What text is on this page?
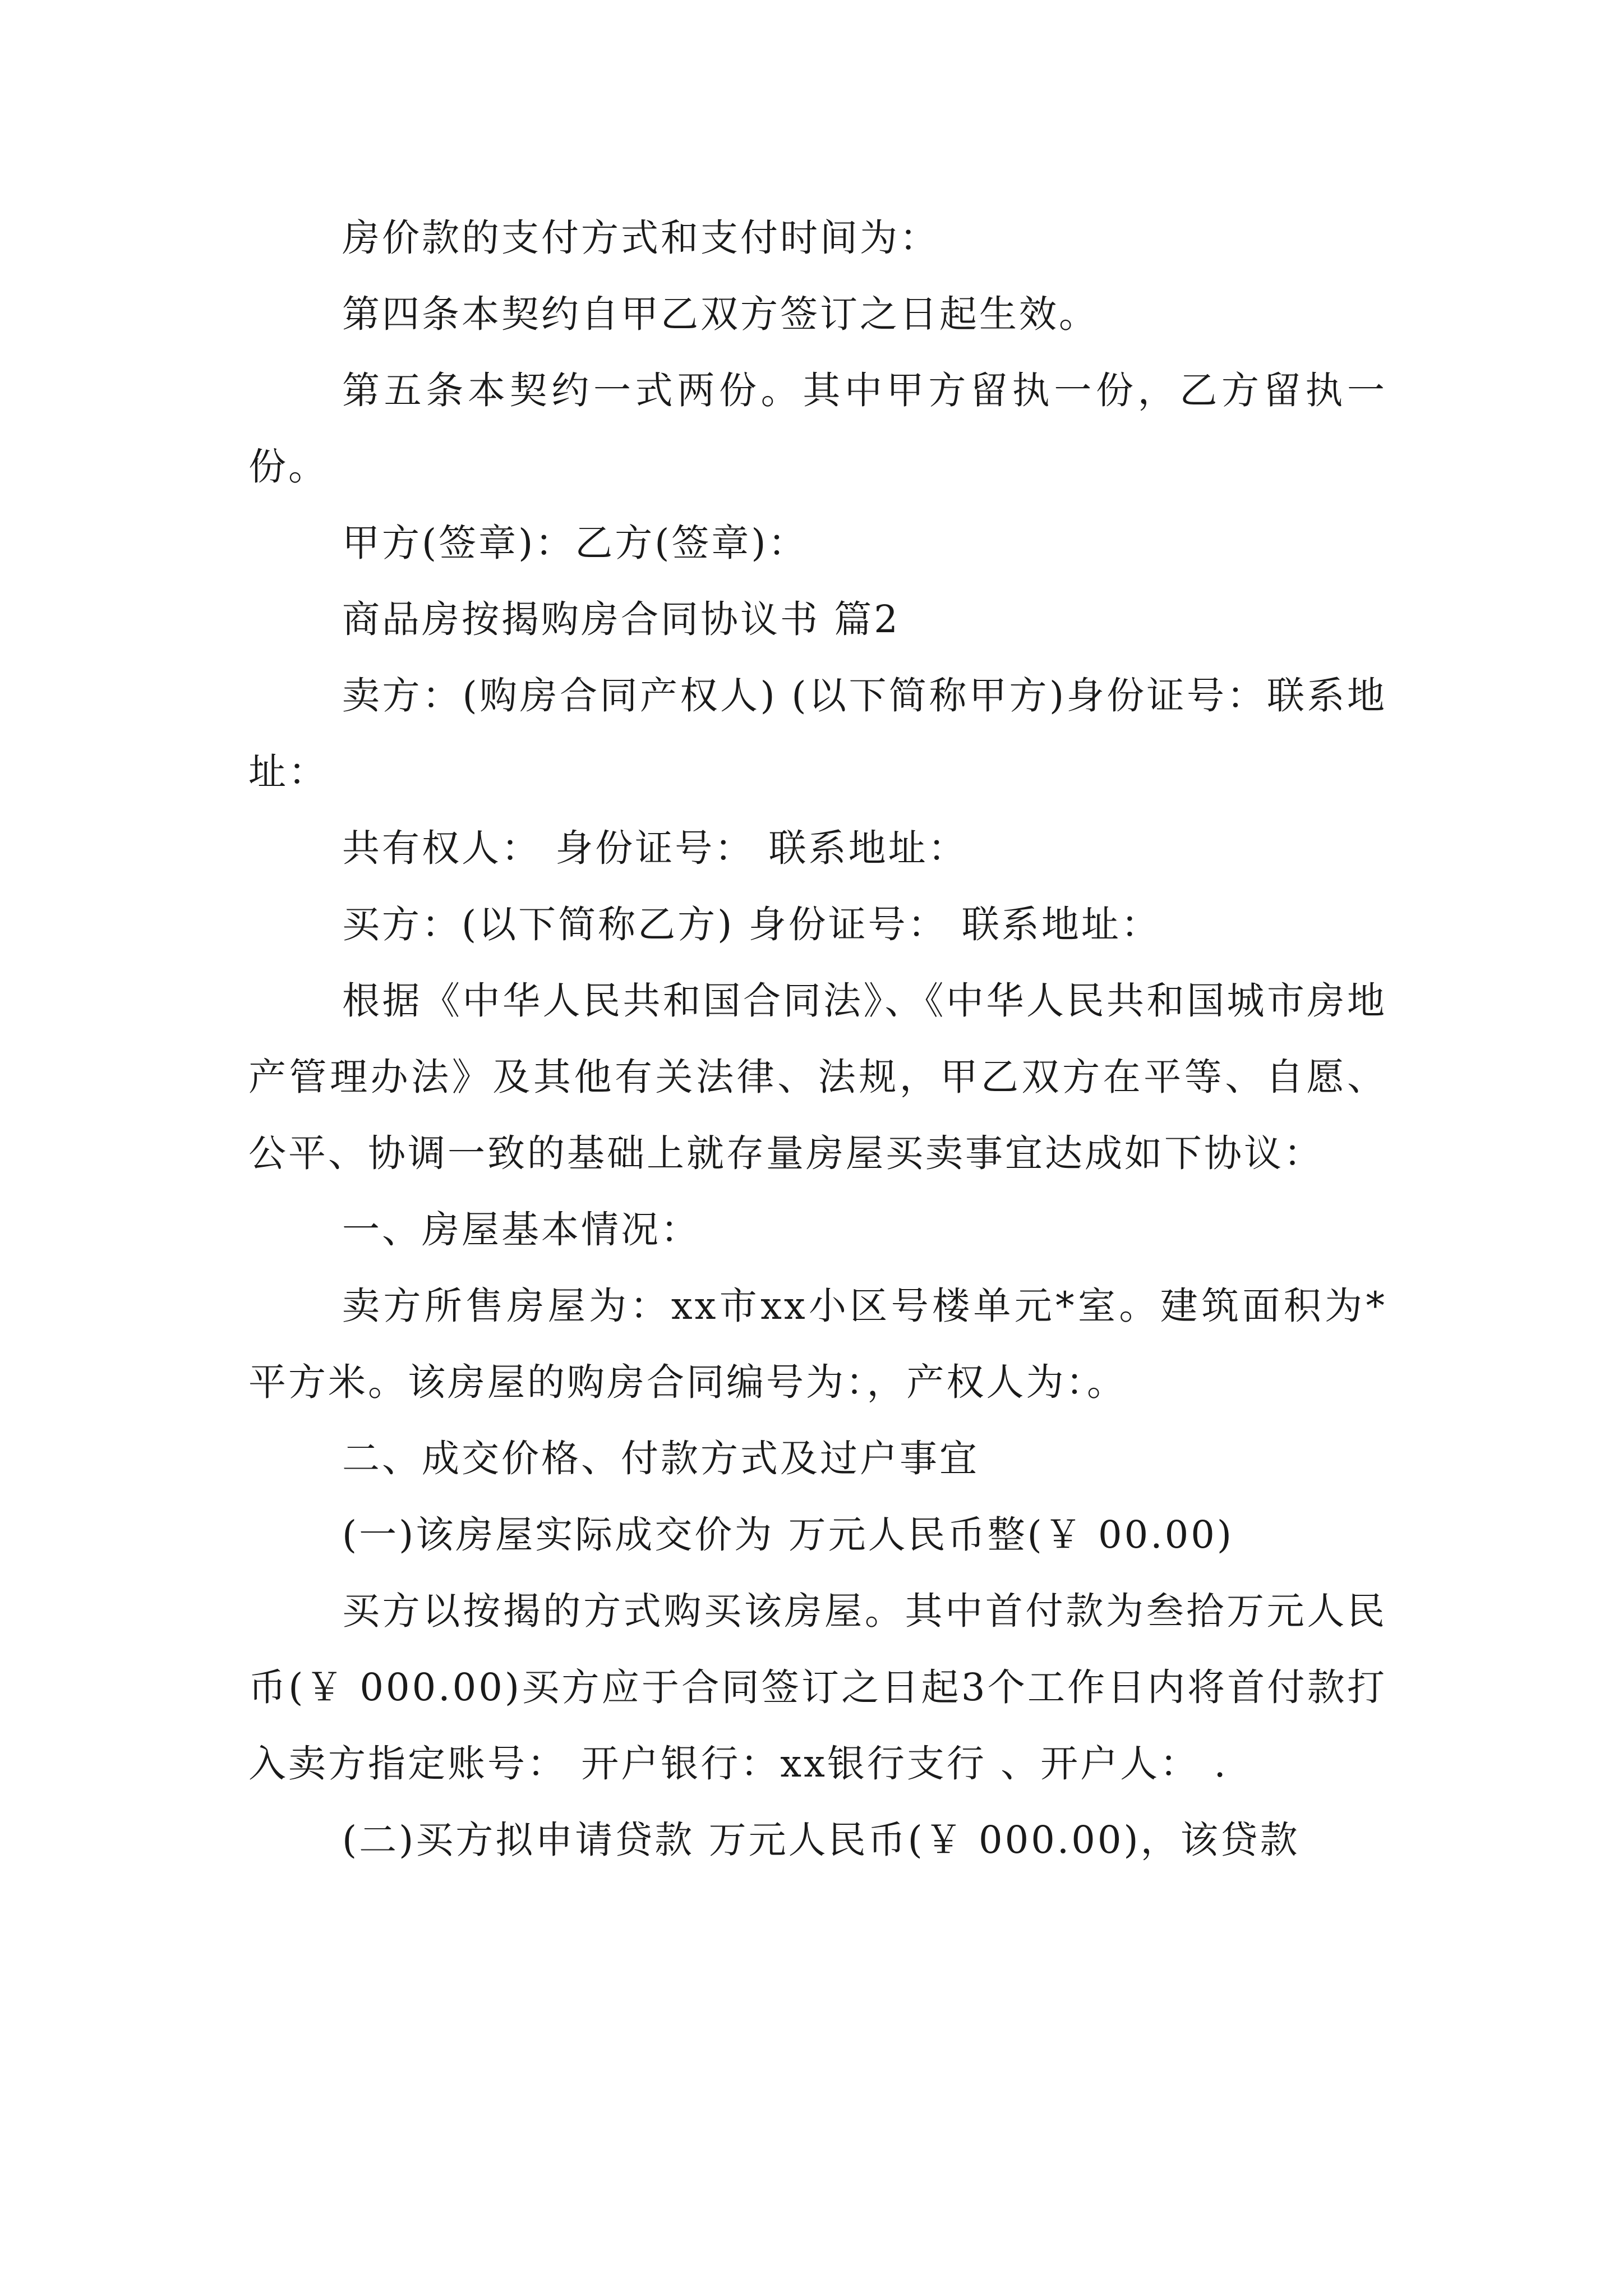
房价款的支付方式和支付时间为：

第四条本契约自甲乙双方签订之日起生效。

第五条本契约一式两份。其中甲方留执一份，乙方留执一份。

甲方(签章)：乙方(签章)：

商品房按揭购房合同协议书 篇2

卖方：(购房合同产权人) (以下简称甲方)身份证号：联系地址：

共有权人： 身份证号： 联系地址：

买方：(以下简称乙方) 身份证号： 联系地址：

根据《中华人民共和国合同法》、《中华人民共和国城市房地产管理办法》及其他有关法律、法规，甲乙双方在平等、自愿、公平、协调一致的基础上就存量房屋买卖事宜达成如下协议：

一、房屋基本情况：

卖方所售房屋为：xx市xx小区号楼单元*室。建筑面积为*平方米。该房屋的购房合同编号为：，产权人为：。

二、成交价格、付款方式及过户事宜

(一)该房屋实际成交价为 万元人民币整(￥ 00.00)

买方以按揭的方式购买该房屋。其中首付款为叁拾万元人民币(￥ 000.00)买方应于合同签订之日起3个工作日内将首付款打入卖方指定账号： 开户银行：xx银行支行 、开户人： .

(二)买方拟申请贷款 万元人民币(￥ 000.00)，该贷款
